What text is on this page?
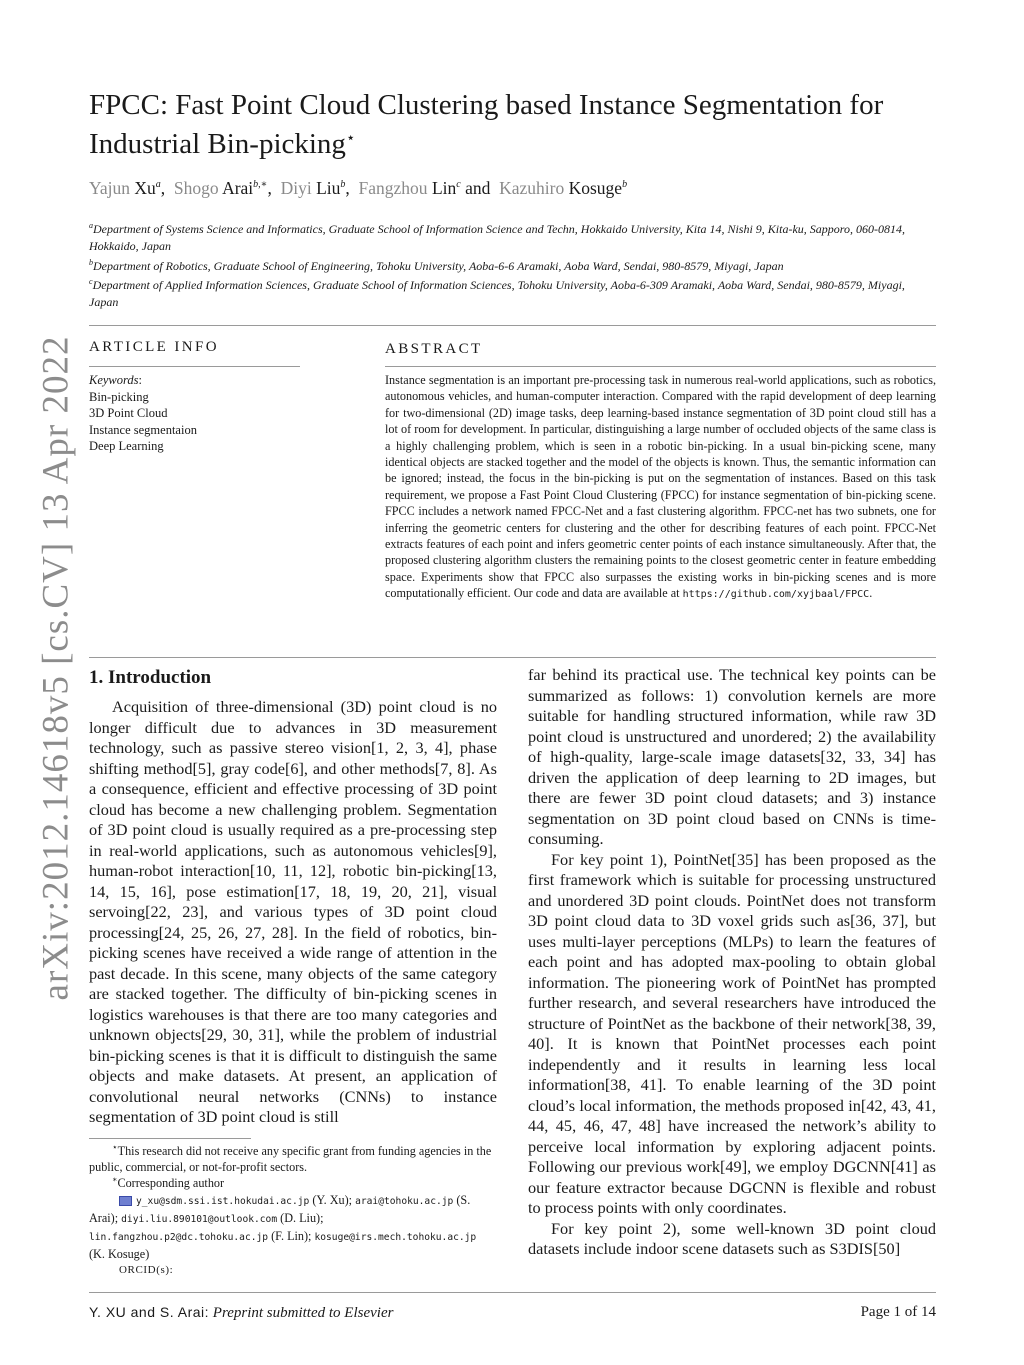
arXiv:2012.14618v5 [cs.CV] 13 Apr 2022
FPCC: Fast Point Cloud Clustering based Instance Segmentation for
Industrial Bin-picking⋆
Yajun Xu$^a$,  Shogo Arai$^{b,∗}$,  Diyi Liu$^b$,  Fangzhou Lin$^c$ and Kazuhiro Kosuge$^b$
$^a$Department of Systems Science and Informatics, Graduate School of Information Science and Techn, Hokkaido University, Kita 14, Nishi 9, Kita-ku, Sapporo, 060-0814, Hokkaido, Japan
$^b$Department of Robotics, Graduate School of Engineering, Tohoku University, Aoba-6-6 Aramaki, Aoba Ward, Sendai, 980-8579, Miyagi, Japan
$^c$Department of Applied Information Sciences, Graduate School of Information Sciences, Tohoku University, Aoba-6-309 Aramaki, Aoba Ward, Sendai, 980-8579, Miyagi, Japan
ARTICLE INFO
Keywords:
Bin-picking
3D Point Cloud
Instance segmentaion
Deep Learning
ABSTRACT

Instance segmentation is an important pre-processing task in numerous real-world applications, such as robotics, autonomous vehicles, and human-computer interaction. Compared with the rapid development of deep learning for two-dimensional (2D) image tasks, deep learning-based instance segmentation of 3D point cloud still has a lot of room for development. In particular, distinguishing a large number of occluded objects of the same class is a highly challenging problem, which is seen in a robotic bin-picking. In a usual bin-picking scene, many identical objects are stacked together and the model of the objects is known. Thus, the semantic information can be ignored; instead, the focus in the bin-picking is put on the segmentation of instances. Based on this task requirement, we propose a Fast Point Cloud Clustering (FPCC) for instance segmentation of bin-picking scene. FPCC includes a network named FPCC-Net and a fast clustering algorithm. FPCC-net has two subnets, one for inferring the geometric centers for clustering and the other for describing features of each point. FPCC-Net extracts features of each point and infers geometric center points of each instance simultaneously. After that, the proposed clustering algorithm clusters the remaining points to the closest geometric center in feature embedding space. Experiments show that FPCC also surpasses the existing works in bin-picking scenes and is more computationally efficient. Our code and data are available at https://github.com/xyjbaal/FPCC.

1. Introduction

Acquisition of three-dimensional (3D) point cloud is no longer difficult due to advances in 3D measurement technology, such as passive stereo vision[1, 2, 3, 4], phase shifting method[5], gray code[6], and other methods[7, 8]. As a consequence, efficient and effective processing of 3D point cloud has become a new challenging problem. Segmentation of 3D point cloud is usually required as a pre-processing step in real-world applications, such as autonomous vehicles[9], human-robot interaction[10, 11, 12], robotic bin-picking[13, 14, 15, 16], pose estimation[17, 18, 19, 20, 21], visual servoing[22, 23], and various types of 3D point cloud processing[24, 25, 26, 27, 28]. In the field of robotics, bin-picking scenes have received a wide range of attention in the past decade. In this scene, many objects of the same category are stacked together. The difficulty of bin-picking scenes in logistics warehouses is that there are too many categories and unknown objects[29, 30, 31], while the problem of industrial bin-picking scenes is that it is difficult to distinguish the same objects and make datasets. At present, an application of convolutional neural networks (CNNs) to instance segmentation of 3D point cloud is still

far behind its practical use. The technical key points can be summarized as follows: 1) convolution kernels are more suitable for handling structured information, while raw 3D point cloud is unstructured and unordered; 2) the availability of high-quality, large-scale image datasets[32, 33, 34] has driven the application of deep learning to 2D images, but there are fewer 3D point cloud datasets; and 3) instance segmentation on 3D point cloud based on CNNs is time-consuming.

For key point 1), PointNet[35] has been proposed as the first framework which is suitable for processing unstructured and unordered 3D point clouds. PointNet does not transform 3D point cloud data to 3D voxel grids such as[36, 37], but uses multi-layer perceptions (MLPs) to learn the features of each point and has adopted max-pooling to obtain global information. The pioneering work of PointNet has prompted further research, and several researchers have introduced the structure of PointNet as the backbone of their network[38, 39, 40]. It is known that PointNet processes each point independently and it results in learning less local information[38, 41]. To enable learning of the 3D point cloud’s local information, the methods proposed in[42, 43, 41, 44, 45, 46, 47, 48] have increased the network’s ability to perceive local information by exploring adjacent points. Following our previous work[49], we employ DGCNN[41] as our feature extractor because DGCNN is flexible and robust to process points with only coordinates.

For key point 2), some well-known 3D point cloud datasets include indoor scene datasets such as S3DIS[50]

⋆This research did not receive any specific grant from funding agencies in the public, commercial, or not-for-profit sectors.

∗Corresponding author

y_xu@sdm.ssi.ist.hokudai.ac.jp (Y. Xu); arai@tohoku.ac.jp (S. Arai); diyi.liu.890101@outlook.com (D. Liu);
lin.fangzhou.p2@dc.tohoku.ac.jp (F. Lin); kosuge@irs.mech.tohoku.ac.jp
(K. Kosuge)

ORCID(s):

Y. XU and S. Arai: Preprint submitted to Elsevier	Page 1 of 14
